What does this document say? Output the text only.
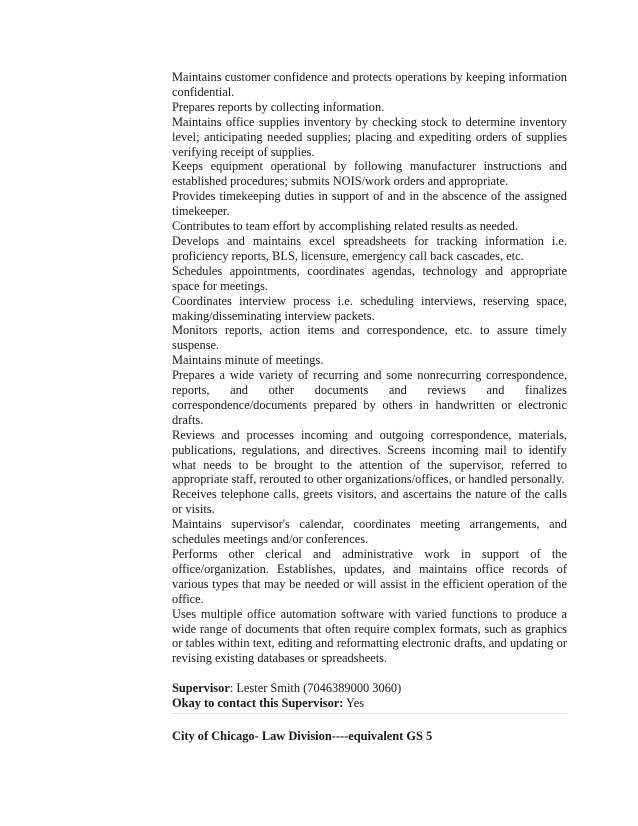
Maintains customer confidence and protects operations by keeping information confidential.

Prepares reports by collecting information.

Maintains office supplies inventory by checking stock to determine inventory level; anticipating needed supplies; placing and expediting orders of supplies verifying receipt of supplies.

Keeps equipment operational by following manufacturer instructions and established procedures; submits NOIS/work orders and appropriate.

Provides timekeeping duties in support of and in the abscence of the assigned timekeeper.

Contributes to team effort by accomplishing related results as needed.

Develops and maintains excel spreadsheets for tracking information i.e. proficiency reports, BLS, licensure, emergency call back cascades, etc.

Schedules appointments, coordinates agendas, technology and appropriate space for meetings.

Coordinates interview process i.e. scheduling interviews, reserving space, making/disseminating interview packets.

Monitors reports, action items and correspondence, etc. to assure timely suspense.

Maintains minute of meetings.

Prepares a wide variety of recurring and some nonrecurring correspondence, reports, and other documents and reviews and finalizes correspondence/documents prepared by others in handwritten or electronic drafts.

Reviews and processes incoming and outgoing correspondence, materials, publications, regulations, and directives. Screens incoming mail to identify what needs to be brought to the attention of the supervisor, referred to appropriate staff, rerouted to other organizations/offices, or handled personally.

Receives telephone calls, greets visitors, and ascertains the nature of the calls or visits.

Maintains supervisor's calendar, coordinates meeting arrangements, and schedules meetings and/or conferences.

Performs other clerical and administrative work in support of the office/organization. Establishes, updates, and maintains office records of various types that may be needed or will assist in the efficient operation of the office.

Uses multiple office automation software with varied functions to produce a wide range of documents that often require complex formats, such as graphics or tables within text, editing and reformatting electronic drafts, and updating or revising existing databases or spreadsheets.

Supervisor: Lester Smith (7046389000 3060)

Okay to contact this Supervisor: Yes

City of Chicago- Law Division----equivalent GS 5
